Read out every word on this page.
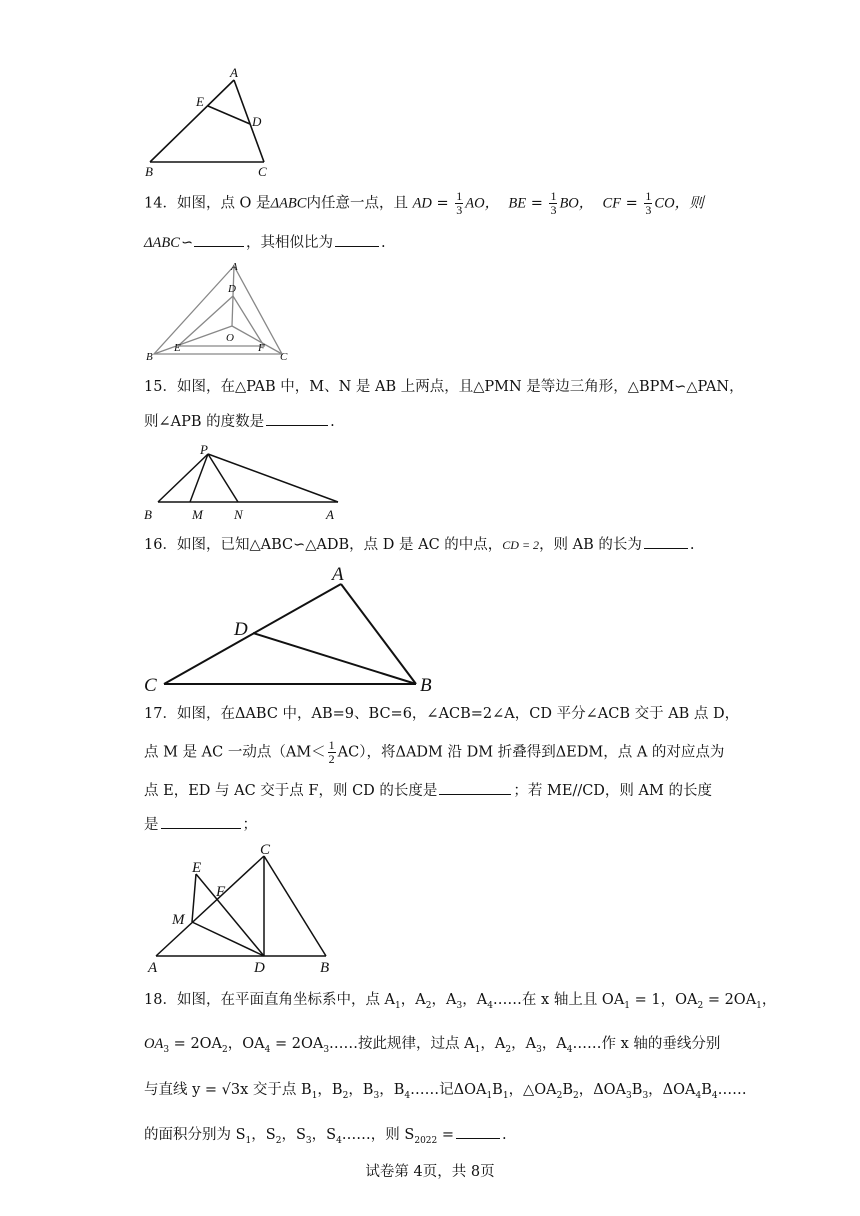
A
E
D
B	C
14．如图，点 O 是ΔABC内任意一点，且 AD = $\frac{1}{3}$ AO， BE = $\frac{1}{3}$ BO， CF = $\frac{1}{3}$ CO，则
ΔABC∽	，其相似比为	.
A
D
O
E	F
B	C
15．如图，在△PAB 中，M、N 是 AB 上两点，且△PMN 是等边三角形，△BPM∽△PAN，
则∠APB 的度数是	.
P
B	M N	A
16．如图，已知△ABC∽△ADB，点 D 是 AC 的中点，CD = 2，则 AB 的长为	.
A
D
C	B
17．如图，在ΔABC 中，AB=9、BC=6，∠ACB=2∠A，CD 平分∠ACB 交于 AB 点 D，
点 M 是 AC 一动点$(AM< \frac{1}{2} AC)$，将ΔADM 沿 DM 折叠得到ΔEDM，点 A 的对应点为
点 E，ED 与 AC 交于点 F，则 CD 的长度是	；若 ME//CD，则 AM 的长度
是	；
E
C
F
M
A	D	B
18．如图，在平面直角坐标系中，点 $A_1$，$A_2$，$A_3$，$A_4\dots\dots$在 x 轴上且 $OA_1 = 1$，$OA_2 = 2OA_1$，
$OA_3 = 2OA_2$，$OA_4$ = $2OA_3\dots\dots$按此规律，过点 $A_1$，$A_2$，$A_3$，$A_4\dots\dots$作 x 轴的垂线分别
与直线 y = √3x 交于点 $B_1$，$B_2$，$B_3$，$B_4\dots\dots$记$\Delta OA_1B_1$，$\triangle OA_2B_2$，$\Delta OA_3B_3$，$\Delta OA_4B_4\dots\dots$
的面积分别为 $S_1$，$S_2$，$S_3$，$S_4\dots\dots$，则 $S_{2022}$ =	.
试卷第 4页，共 8页
